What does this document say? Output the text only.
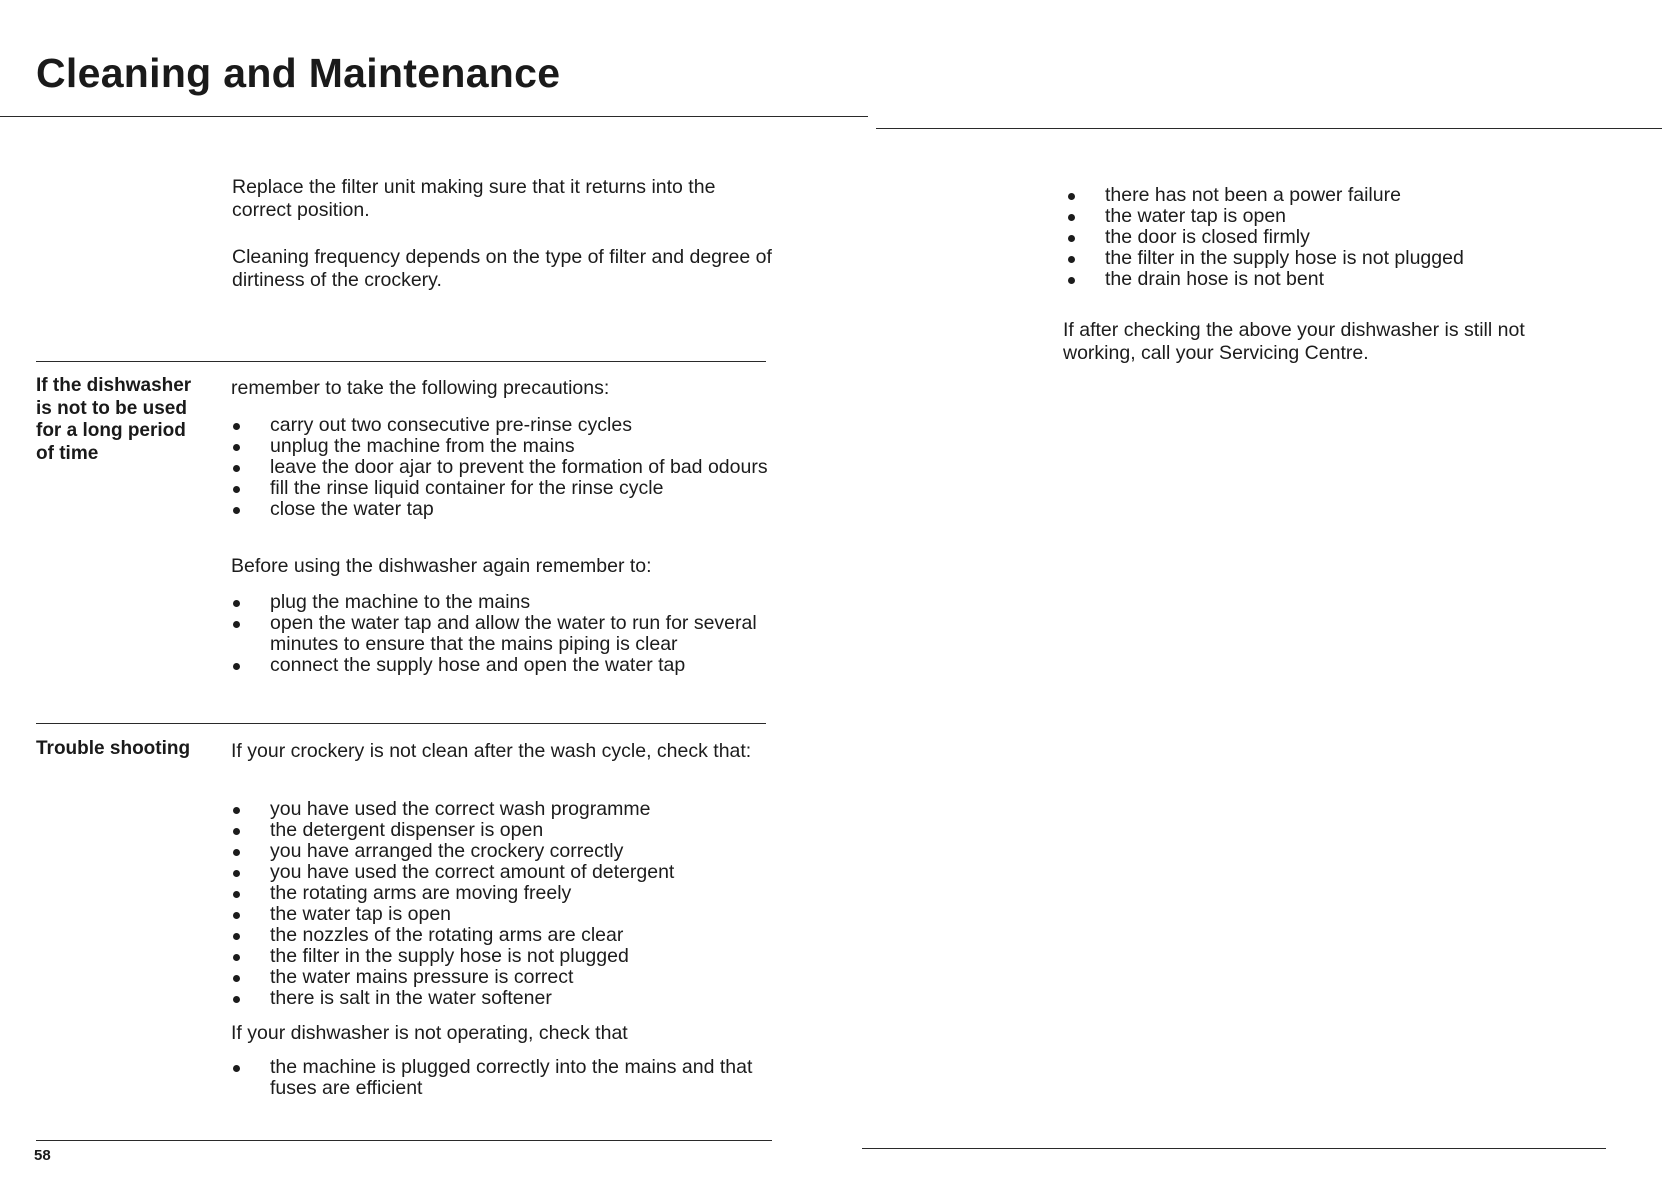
Cleaning and Maintenance

Replace the filter unit making sure that it returns into the correct position.

Cleaning frequency depends on the type of filter and degree of dirtiness of the crockery.

If the dishwasher is not to be used for a long period of time

remember to take the following precautions:

carry out two consecutive pre-rinse cycles
unplug the machine from the mains
leave the door ajar to prevent the formation of bad odours
fill the rinse liquid container for the rinse cycle
close the water tap

Before using the dishwasher again remember to:

plug the machine to the mains
open the water tap and allow the water to run for several minutes to ensure that the mains piping is clear
connect the supply hose and open the water tap

Trouble shooting	If your crockery is not clean after the wash cycle, check that:

you have used the correct wash programme
the detergent dispenser is open
you have arranged the crockery correctly
you have used the correct amount of detergent
the rotating arms are moving freely
the water tap is open
the nozzles of the rotating arms are clear
the filter in the supply hose is not plugged
the water mains pressure is correct
there is salt in the water softener

If your dishwasher is not operating, check that

the machine is plugged correctly into the mains and that fuses are efficient

58

there has not been a power failure
the water tap is open
the door is closed firmly
the filter in the supply hose is not plugged
the drain hose is not bent

If after checking the above your dishwasher is still not working, call your Servicing Centre.
